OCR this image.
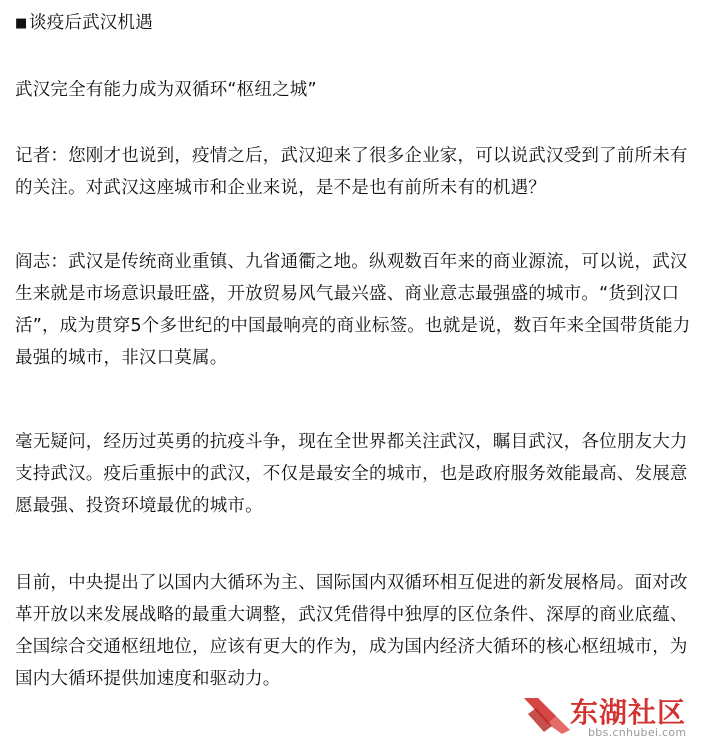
■谈疫后武汉机遇

武汉完全有能力成为双循环“枢纽之城”

记者：您刚才也说到，疫情之后，武汉迎来了很多企业家，可以说武汉受到了前所未有的关注。对武汉这座城市和企业来说，是不是也有前所未有的机遇？

阎志：武汉是传统商业重镇、九省通衢之地。纵观数百年来的商业源流，可以说，武汉生来就是市场意识最旺盛，开放贸易风气最兴盛、商业意志最强盛的城市。“货到汉口活”，成为贯穿5个多世纪的中国最响亮的商业标签。也就是说，数百年来全国带货能力最强的城市，非汉口莫属。

毫无疑问，经历过英勇的抗疫斗争，现在全世界都关注武汉，瞩目武汉，各位朋友大力支持武汉。疫后重振中的武汉，不仅是最安全的城市，也是政府服务效能最高、发展意愿最强、投资环境最优的城市。

目前，中央提出了以国内大循环为主、国际国内双循环相互促进的新发展格局。面对改革开放以来发展战略的最重大调整，武汉凭借得中独厚的区位条件、深厚的商业底蕴、全国综合交通枢纽地位，应该有更大的作为，成为国内经济大循环的核心枢纽城市，为国内大循环提供加速度和驱动力。

东湖社区
bbs.cnhubei.com
